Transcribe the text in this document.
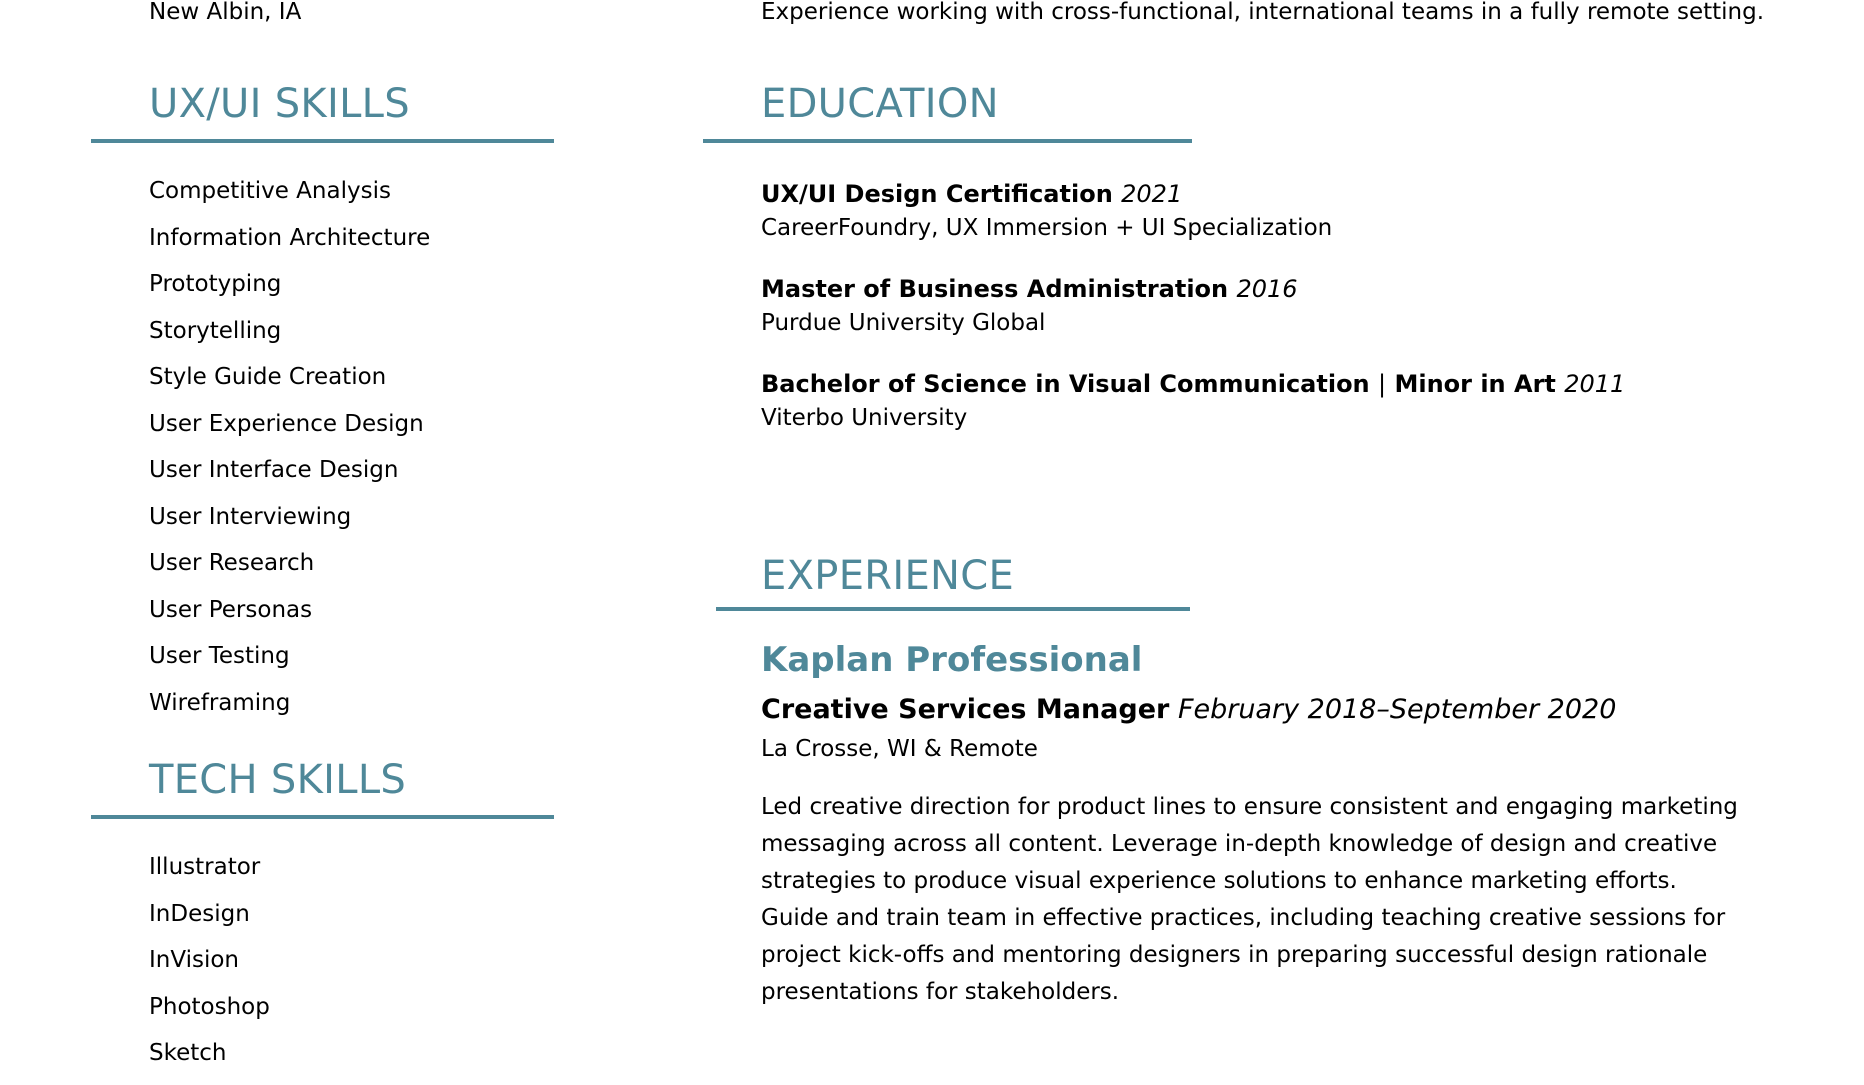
New Albin, IA
UX/UI SKILLS
Competitive Analysis
Information Architecture
Prototyping
Storytelling
Style Guide Creation
User Experience Design
User Interface Design
User Interviewing
User Research
User Personas
User Testing
Wireframing
TECH SKILLS
Illustrator
InDesign
InVision
Photoshop
Sketch
Experience working with cross-functional, international teams in a fully remote setting.
EDUCATION
UX/UI Design Certification 2021
CareerFoundry, UX Immersion + UI Specialization
Master of Business Administration 2016
Purdue University Global
Bachelor of Science in Visual Communication | Minor in Art 2011
Viterbo University
EXPERIENCE
Kaplan Professional
Creative Services Manager February 2018–September 2020
La Crosse, WI & Remote
Led creative direction for product lines to ensure consistent and engaging marketing
messaging across all content. Leverage in-depth knowledge of design and creative
strategies to produce visual experience solutions to enhance marketing efforts.
Guide and train team in effective practices, including teaching creative sessions for
project kick-offs and mentoring designers in preparing successful design rationale
presentations for stakeholders.
